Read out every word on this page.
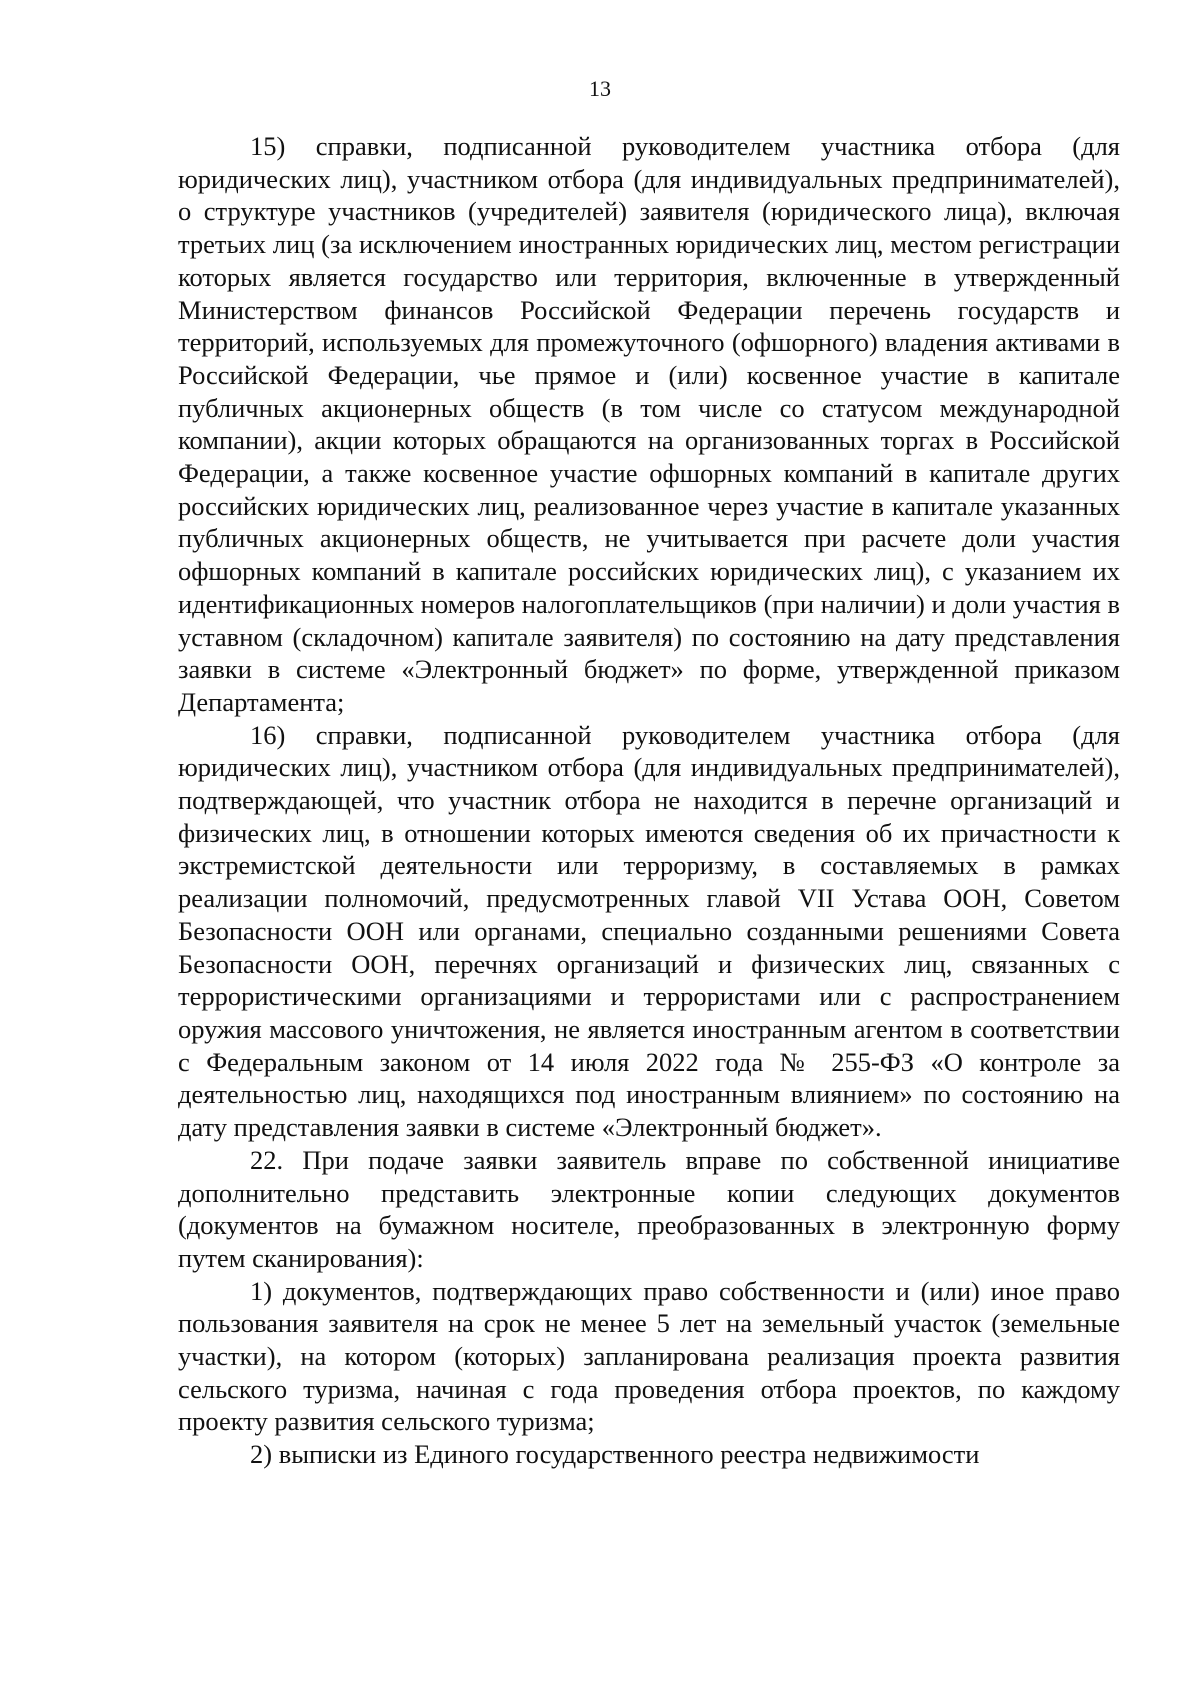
13

15) справки, подписанной руководителем участника отбора (для юридических лиц), участником отбора (для индивидуальных предпринимателей), о структуре участников (учредителей) заявителя (юридического лица), включая третьих лиц (за исключением иностранных юридических лиц, местом регистрации которых является государство или территория, включенные в утвержденный Министерством финансов Российской Федерации перечень государств и территорий, используемых для промежуточного (офшорного) владения активами в Российской Федерации, чье прямое и (или) косвенное участие в капитале публичных акционерных обществ (в том числе со статусом международной компании), акции которых обращаются на организованных торгах в Российской Федерации, а также косвенное участие офшорных компаний в капитале других российских юридических лиц, реализованное через участие в капитале указанных публичных акционерных обществ, не учитывается при расчете доли участия офшорных компаний в капитале российских юридических лиц), с указанием их идентификационных номеров налогоплательщиков (при наличии) и доли участия в уставном (складочном) капитале заявителя) по состоянию на дату представления заявки в системе «Электронный бюджет» по форме, утвержденной приказом Департамента;

16) справки, подписанной руководителем участника отбора (для юридических лиц), участником отбора (для индивидуальных предпринимателей), подтверждающей, что участник отбора не находится в перечне организаций и физических лиц, в отношении которых имеются сведения об их причастности к экстремистской деятельности или терроризму, в составляемых в рамках реализации полномочий, предусмотренных главой VII Устава ООН, Советом Безопасности ООН или органами, специально созданными решениями Совета Безопасности ООН, перечнях организаций и физических лиц, связанных с террористическими организациями и террористами или с распространением оружия массового уничтожения, не является иностранным агентом в соответствии с Федеральным законом от 14 июля 2022 года № 255-ФЗ «О контроле за деятельностью лиц, находящихся под иностранным влиянием» по состоянию на дату представления заявки в системе «Электронный бюджет».

22. При подаче заявки заявитель вправе по собственной инициативе дополнительно представить электронные копии следующих документов (документов на бумажном носителе, преобразованных в электронную форму путем сканирования):

1) документов, подтверждающих право собственности и (или) иное право пользования заявителя на срок не менее 5 лет на земельный участок (земельные участки), на котором (которых) запланирована реализация проекта развития сельского туризма, начиная с года проведения отбора проектов, по каждому проекту развития сельского туризма;

2) выписки из Единого государственного реестра недвижимости
